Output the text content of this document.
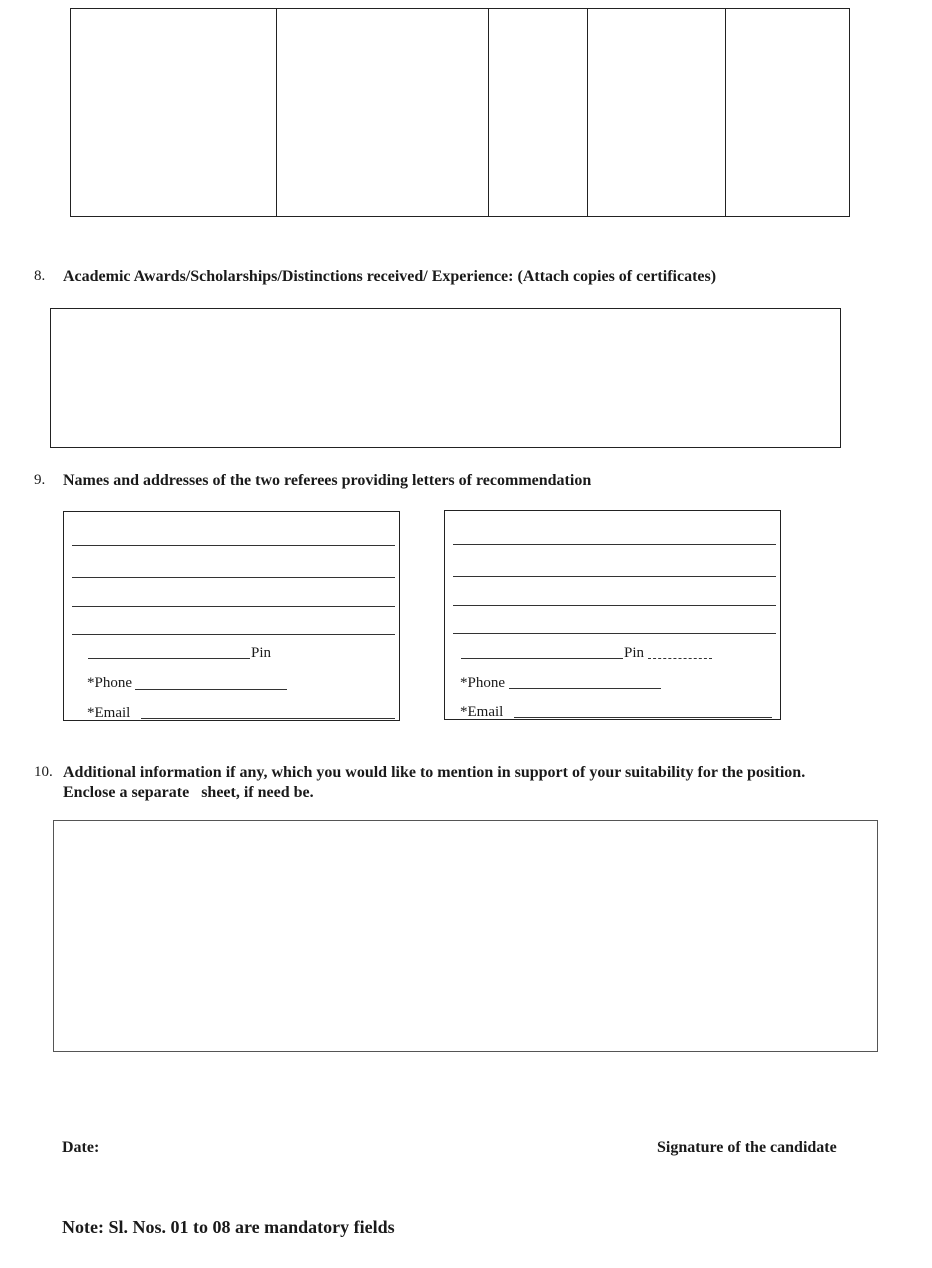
8. Academic Awards/Scholarships/Distinctions received/ Experience: (Attach copies of certificates)
9. Names and addresses of the two referees providing letters of recommendation
Pin
*Phone
*Email
Pin
*Phone
*Email
10. Additional information if any, which you would like to mention in support of your suitability for the position.
Enclose a separate   sheet, if need be.
Date:	Signature of the candidate
Note: Sl. Nos. 01 to 08 are mandatory fields
